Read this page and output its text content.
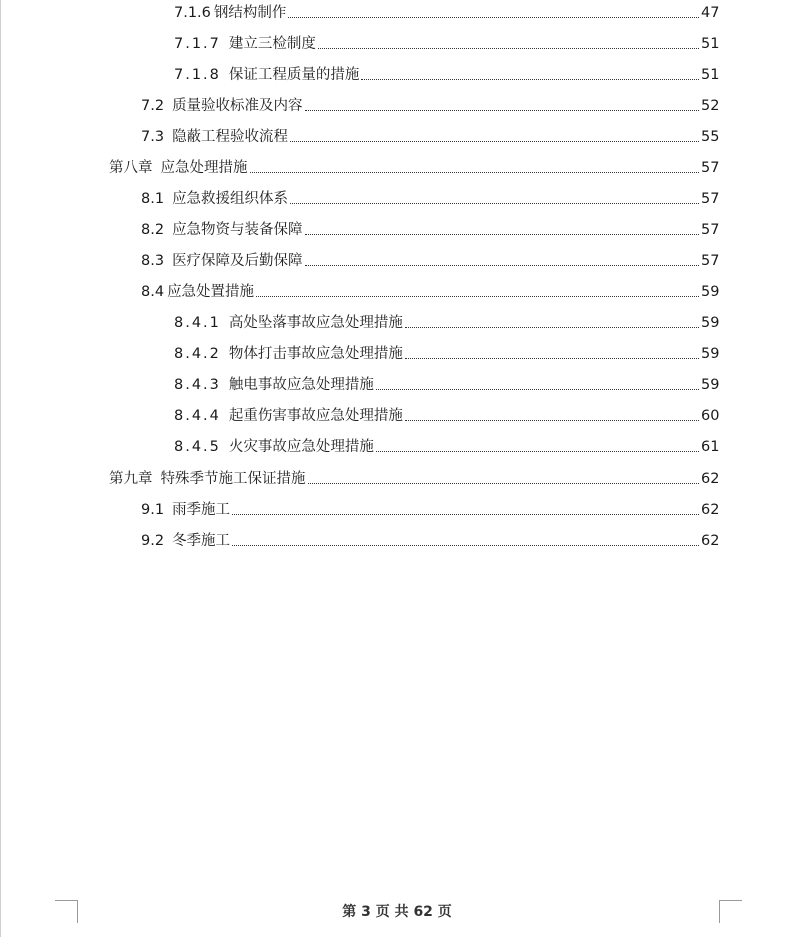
7.1.6 钢结构制作	47
7.1.7 建立三检制度	51
7.1.8 保证工程质量的措施	51
7.2 质量验收标准及内容	52
7.3 隐蔽工程验收流程	55
第八章 应急处理措施	57
8.1 应急救援组织体系	57
8.2 应急物资与装备保障	57
8.3 医疗保障及后勤保障	57
8.4 应急处置措施	59
8.4.1 高处坠落事故应急处理措施	59
8.4.2 物体打击事故应急处理措施	59
8.4.3 触电事故应急处理措施	59
8.4.4 起重伤害事故应急处理措施	60
8.4.5 火灾事故应急处理措施	61
第九章 特殊季节施工保证措施	62
9.1 雨季施工	62
9.2 冬季施工	62
第 3 页 共 62 页
